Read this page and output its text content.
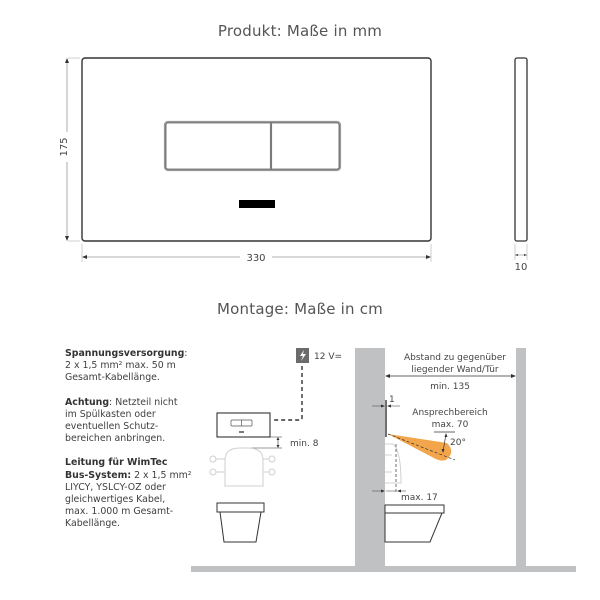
Produkt: Maße in mm
Montage: Maße in cm
175
330
10
12 V=
min. 8
Abstand zu gegenüber
liegender Wand/Tür
min. 135
1
Ansprechbereich
max. 70
20°
max. 17

Spannungsversorgung:
2 x 1,5 mm² max. 50 m
Gesamt-Kabellänge.

Achtung: Netzteil nicht
im Spülkasten oder
eventuellen Schutz-
bereichen anbringen.

Leitung für WimTec
Bus-System: 2 x 1,5 mm²
LIYCY, YSLCY-OZ oder
gleichwertiges Kabel,
max. 1.000 m Gesamt-
Kabellänge.
